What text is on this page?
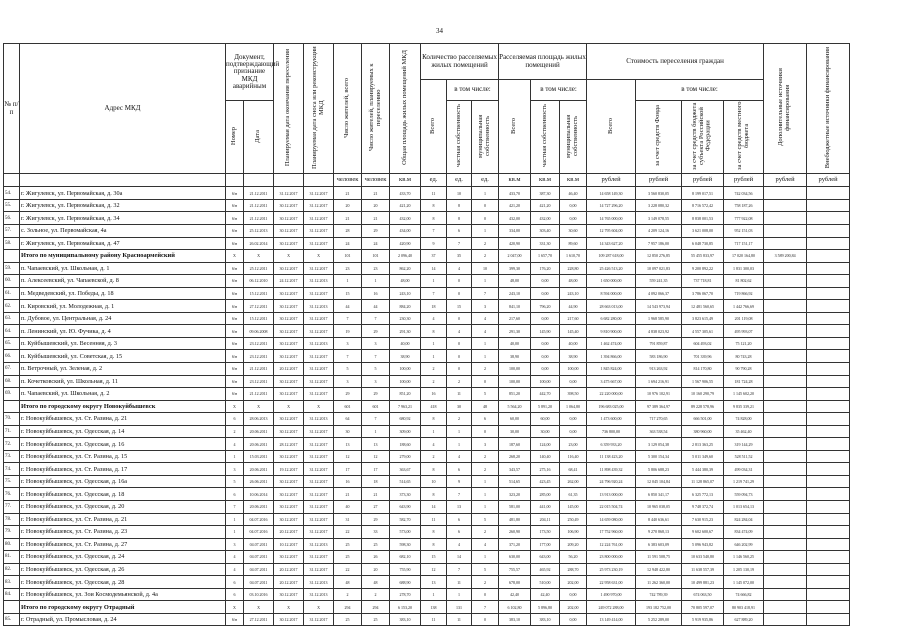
34
№ п/п	Адрес МКД	Документ, подтверждающий признание МКД аварийным		Планируемая дата окончания переселения	Планируемая дата сноса или реконструкции МКД	Число жителей, всего	Число жителей, планируемых к переселению	Общая площадь жилых помещений МКД	Количество расселяемых жилых помещений			Расселяемая площадь жилых помещений			Стоимость переселения граждан				Дополнительные источники финансирования	Внебюджетные источники финансирования
									Всего	в том числе:		Всего	в том числе:		Всего	в том числе:				
		Номер	Дата							частная собственность	муниципальная собственность		частная собственность	муниципальная собственность		за счет средств Фонда	за счет средств бюджета субъекта Российской Федерации	за счет средств местного бюджета		
						человек	человек	кв.м	ед.	ед.	ед.	кв.м	кв.м	кв.м	рублей	рублей	рублей	рублей	рублей	рублей
54.	г. Жигулевск, ул. Первомайская, д. 30а	6/н	21.12.2011	31.12.2017	31.12.2017	21	21	433,70	11	10	1	433,70	387,30	46,40	14 658 149,30	3 560 830,05	8 199 017,51	742 034,56		
55.	г. Жигулевск, ул. Первомайская, д. 32	6/н	21.12.2011	30.12.2017	31.12.2017	20	20	421,20	8	8	0	421,20	421,20	0,00	14 727 296,20	3 228 080,32	8 716 572,42	758 187,26		
56.	г. Жигулевск, ул. Первомайская, д. 34	6/н	21.12.2011	30.12.2017	31.12.2017	21	21	432,00	8	8	0	432,00	432,00	0,00	14 765 000,00	3 149 078,55	8 838 001,53	777 922,08		
57.	с. Зольное, ул. Первомайская, 4а	6/н	25.12.2013	30.12.2017	31.12.2017	28	29	434,00	7	6	1	334,00	303,40	30,60	12 795 604,00	4 209 124,16	3 621 008,00	952 151,03		
58.	г. Жигулевск, ул. Первомайская, д. 47	6/н	26.02.2014	30.12.2017	31.12.2017	24	24	420,90	9	7	2	420,90	331,30	89,60	14 343 627,20	7 957 186,00	6 048 730,85	717 151,17		
	Итого по муниципальному району Красноармейский	Х	Х	Х	Х	101	101	2 096,40	37	35	2	2 047,00	1 657,70	1 610,70	109 287 618,00	12 850 276,85	55 455 833,97	17 020 164,80	3 589 200,84	
59.	п. Чапаевский, ул. Школьная, д. 1	6/н	25.12.2011	30.12.2017	31.12.2017	23	23	862,20	14	4	10	399,30	176,20	228,80	25 426 513,20	10 097 021,83	9 200 892,22	1 831 300,03		
60.	п. Алексеевский, ул. Чапаевской, д. 8	6/н	06.12.2010	24.12.2017	31.12.2013	1	1	48,00	1	0	1	48,00	0,00	48,00	1 650 000,00	559 241,35	737 718,81	81 802,62		
61.	п. Медведевский, ул. Победы, д. 18	6/н	15.12.2011	30.12.2017	31.12.2017	15	16	243,10	7	0	7	243,10	0,00	243,10	8 594 000,00	4 092 066,37	3 786 067,70	719 866,92		
62.	п. Кировский, ул. Молодежная, д. 1	6/н	27.12.2011	30.12.2017	31.12.2013	44	44	884,20	18	15	3	841,10	796,20	44,90	28 663 013,00	14 543 973,94	12 481 560,65	1 442 766,69		
63.	п. Дубовое, ул. Центральная, д. 24	6/н	15.12.2011	30.12.2017	31.12.2017	7	7	230,30	4	0	4	217,60	0,00	217,60	6 682 280,00	1 968 585,90	3 823 615,49	201 119,08		
64.	п. Ленинский, ул. Ю. Фучика, д. 4	6/н	09.06.2008	30.12.2017	31.12.2017	19	29	291,30	8	4	4	291,30	145,90	145,40	9 810 900,00	4 838 023,92	4 557 305,61	495 993,07		
65.	п. Куйбышевский, ул. Весенняя, д. 3	6/н	23.12.2011	30.12.2017	31.12.2013	3	3	40,00	1	0	1	40,00	0,00	40,00	1 462 474,00	791 859,87	604 493,02	75 121,20		
66.	п. Куйбышевский, ул. Советская, д. 15	6/н	23.12.2011	30.12.2017	31.12.2017	7	7	38,90	1	0	1	38,90	0,00	38,90	1 394 866,00	583 186,90	701 339,96	80 743,28		
67.	п. Ветрочный, ул. Зеленая, д. 2	6/н	21.12.2011	20.12.2017	31.12.2017	5	5	100,00	2	0	2	100,00	0,00	100,00	1 845 824,00	913 263,92	814 170,80	90 790,28		
68.	п. Кочетковский, ул. Школьная, д. 11	6/н	23.12.2011	30.12.2017	31.12.2017	3	3	100,00	2	2	0	100,00	100,00	0,00	3 475 667,00	1 694 216,91	1 567 906,55	181 724,28		
69.	п. Чапаевский, ул. Школьная, д. 2	6/н	21.12.2011	30.12.2017	31.12.2017	29	29	851,20	16	11	5	851,20	442,70	398,50	22 220 000,00	10 976 102,91	10 160 290,79	1 145 602,20		
	Итого по городскому округу Новокуйбышевск	Х	Х	Х	Х	601	601	7 963,21	418	30	48	5 564,20	5 891,20	1 064,80	196 683 025,00	97 389 364,97	89 228 578,96	9 835 339,21		
70.	г. Новокуйбышевск, ул. Ст. Разина, д. 21	6	28.06.2013	30.12.2017	31.12.2013	64	7	680,92	8	2	6	60,00	60,00	0,00	1 473 600,00	717 270,65	666 501,00	74 828,00		
71.	г. Новокуйбышевск, ул. Одесская, д. 14	2	20.06.2011	30.12.2017	31.12.2017	30	1	309,00	1	1	0	30,00	30,00	0,00	736 800,00	363 538,54	380 960,00	35 462,40		
72.	г. Новокуйбышевск, ул. Одесская, д. 16	4	20.06.2011	28.12.2017	31.12.2017	13	13	188,60	4	1	3	187,60	124,00	23,00	6 359 933,20	3 129 054,38	2 813 363,25	319 144,29		
73.	г. Новокуйбышевск, ул. Ст. Разина, д. 15	1	15.03.2011	30.12.2017	31.12.2017	12	12	279,00	2	4	2	268,20	140,40	116,40	11 138 423,20	5 300 154,34	5 011 349,60	528 511,52		
74.	г. Новокуйбышевск, ул. Ст. Разина, д. 17	3	20.06.2011	19.12.2017	31.12.2017	17	17	363,67	8	6	2	343,57	275,16	68,41	11 898 439,32	5 806 688,23	5 444 380,39	499 034,31		
75.	г. Новокуйбышевск, ул. Одесская, д. 16а	5	26.06.2011	30.12.2017	31.12.2017	16	18	514,65	10	9	1	514,65	423,45	262,00	24 796 920,24	12 045 104,84	11 128 865,07	1 219 741,29		
76.	г. Новокуйбышевск, ул. Одесская, д. 18	6	10.06.2014	30.12.2017	31.12.2017	21	21	373,30	8	7	1	323,20	285,00	61,35	13 913 000,00	6 850 341,17	6 325 772,13	559 094,73		
77.	г. Новокуйбышевск, ул. Одесская, д. 20	7	20.06.2011	30.12.2017	31.12.2017	40	27	643,90	14	13	1	581,00	441,00	145,00	22 015 504,74	10 965 038,05	9 748 372,74	1 013 654,13		
78.	г. Новокуйбышевск, ул. Ст. Разина, д. 21	1	04.07.2016	30.12.2017	31.12.2017	31	29	582,70	11	6	5	481,80	204,11	250,49	14 659 080,00	8 440 636,61	7 630 915,23	824 284,04		
79.	г. Новокуйбышевск, ул. Ст. Разина, д. 23	1	04.07.2016	20.12.2017	31.12.2017	22	33	573,00	8	6	2	260,90	173,50	106,90	17 752 960,00	9 270 868,13	9 602 600,67	834 474,09		
80.	г. Новокуйбышевск, ул. Ст. Разина, д. 27	3	04.07.2011	10.12.2017	31.12.2013	25	25	598,30	8	4	4	371,20	177,00	209,20	12 224 761,00	6 383 603,09	5 096 943,82	646 202,99		
81.	г. Новокуйбышевск, ул. Одесская, д. 24	4	04.07.2011	30.12.2017	31.12.2017	25	26	682,10	15	14	1	630,00	643,00	56,20	23 800 000,00	11 591 508,75	10 633 540,80	1 146 560,25		
82.	г. Новокуйбышевск, ул. Одесская, д. 26	4	04.07.2011	20.12.2017	31.12.2017	22	20	755,90	12	7	5	755,57	465,92	288,70	25 973 230,19	12 948 422,80	11 638 557,39	1 205 130,19		
83.	г. Новокуйбышевск, ул. Одесская, д. 28	6	04.07.2011	20.12.2017	31.12.2013	48	48	688,90	13	11	2	678,00	510,00	202,00	22 958 631,00	11 262 360,00	10 499 881,23	1 145 072,00		
84.	г. Новокуйбышевск, ул. Зои Космодемьянской, д. 4а	6	03.10.2016	30.12.2017	31.12.2013	2	2	278,70	1	1	0	42,40	42,40	0,00	1 490 970,00	742 789,39	674 063,50	74 666,82		
	Итого по городскому округу Отрадный	Х	Х	Х	Х	294	294	6 153,20	138	131	7	6 102,80	5 896,80	202,00	249 072 288,00	193 182 752,00	70 805 597,07	80 903 418,91		
85.	г. Отрадный, ул. Промысловая, д. 24	6/н	27.12.2011	30.12.2017	31.12.2017	25	25	383,10	11	11	0	383,10	383,10	0,00	13 149 414,00	5 252 289,00	5 919 935,86	627 889,20		
